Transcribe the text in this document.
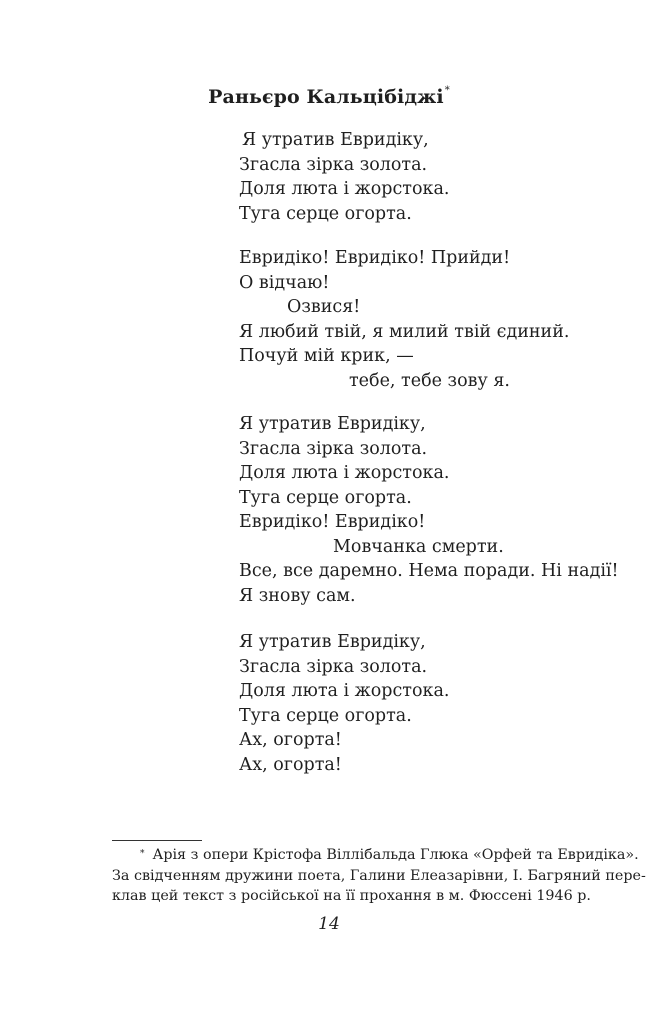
Раньєро Кальцібіджі*
Я утратив Евридіку,
Згасла зірка золота.
Доля люта і жорстока.
Туга серце огорта.
Евридіко! Евридіко! Прийди!
О відчаю!
Озвися!
Я любий твій, я милий твій єдиний.
Почуй мій крик, —
тебе, тебе зову я.
Я утратив Евридіку,
Згасла зірка золота.
Доля люта і жорстока.
Туга серце огорта.
Евридіко! Евридіко!
Мовчанка смерти.
Все, все даремно. Нема поради. Ні надії!
Я знову сам.
Я утратив Евридіку,
Згасла зірка золота.
Доля люта і жорстока.
Туга серце огорта.
Ах, огорта!
Ах, огорта!
* Арія з опери Крістофа Віллібальда Глюка «Орфей та Евридіка».
За свідченням дружини поета, Галини Елеазарівни, І. Багряний пере-
клав цей текст з російської на її прохання в м. Фюссені 1946 р.
14
